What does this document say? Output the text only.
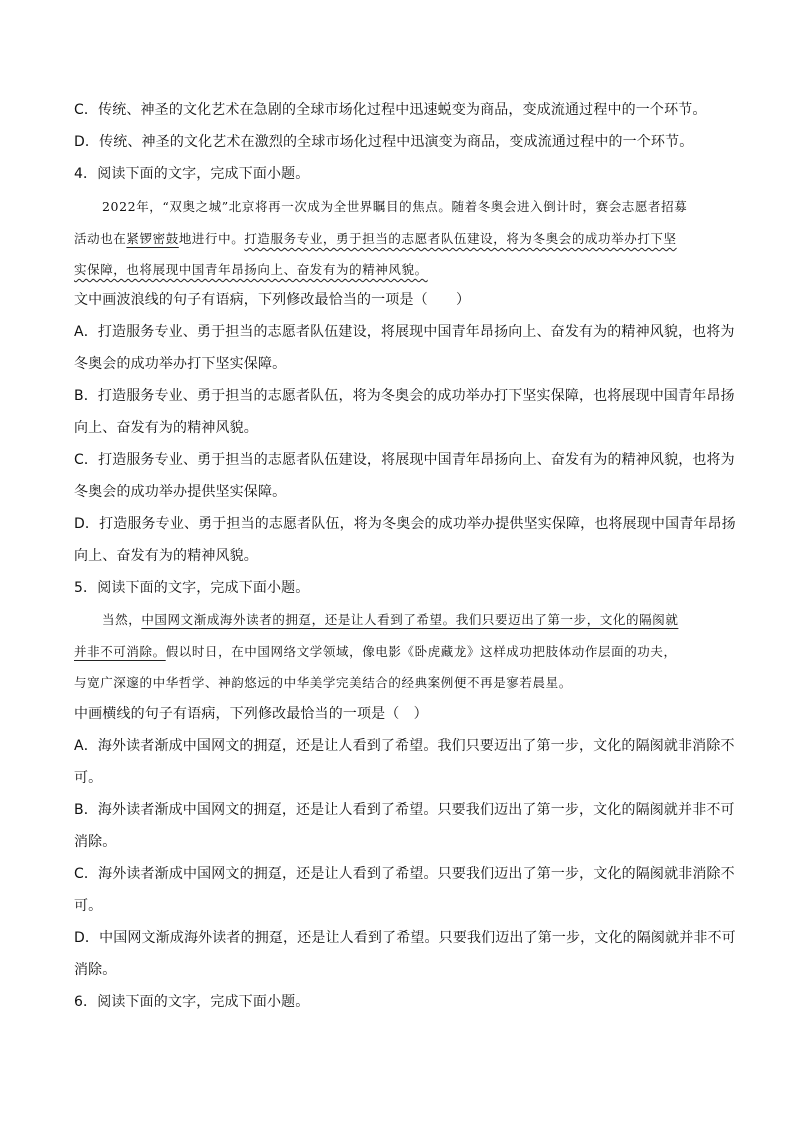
C．传统、神圣的文化艺术在急剧的全球市场化过程中迅速蜕变为商品，变成流通过程中的一个环节。
D．传统、神圣的文化艺术在激烈的全球市场化过程中迅演变为商品，变成流通过程中的一个环节。
4．阅读下面的文字，完成下面小题。
2022年，“双奥之城”北京将再一次成为全世界瞩目的焦点。随着冬奥会进入倒计时，赛会志愿者招募
活动也在紧锣密鼓地进行中。打造服务专业，勇于担当的志愿者队伍建设，将为冬奥会的成功举办打下坚
实保障，也将展现中国青年昂扬向上、奋发有为的精神风貌。
文中画波浪线的句子有语病，下列修改最恰当的一项是（　　）
A．打造服务专业、勇于担当的志愿者队伍建设，将展现中国青年昂扬向上、奋发有为的精神风貌，也将为
冬奥会的成功举办打下坚实保障。
B．打造服务专业、勇于担当的志愿者队伍，将为冬奥会的成功举办打下坚实保障，也将展现中国青年昂扬
向上、奋发有为的精神风貌。
C．打造服务专业、勇于担当的志愿者队伍建设，将展现中国青年昂扬向上、奋发有为的精神风貌，也将为
冬奥会的成功举办提供坚实保障。
D．打造服务专业、勇于担当的志愿者队伍，将为冬奥会的成功举办提供坚实保障，也将展现中国青年昂扬
向上、奋发有为的精神风貌。
5．阅读下面的文字，完成下面小题。
当然，中国网文渐成海外读者的拥趸，还是让人看到了希望。我们只要迈出了第一步，文化的隔阂就
并非不可消除。假以时日，在中国网络文学领域，像电影《卧虎藏龙》这样成功把肢体动作层面的功夫，
与宽广深邃的中华哲学、神韵悠远的中华美学完美结合的经典案例便不再是寥若晨星。
中画横线的句子有语病，下列修改最恰当的一项是（　）
A．海外读者渐成中国网文的拥趸，还是让人看到了希望。我们只要迈出了第一步，文化的隔阂就非消除不
可。
B．海外读者渐成中国网文的拥趸，还是让人看到了希望。只要我们迈出了第一步，文化的隔阂就并非不可
消除。
C．海外读者渐成中国网文的拥趸，还是让人看到了希望。只要我们迈出了第一步，文化的隔阂就非消除不
可。
D．中国网文渐成海外读者的拥趸，还是让人看到了希望。只要我们迈出了第一步，文化的隔阂就并非不可
消除。
6．阅读下面的文字，完成下面小题。
